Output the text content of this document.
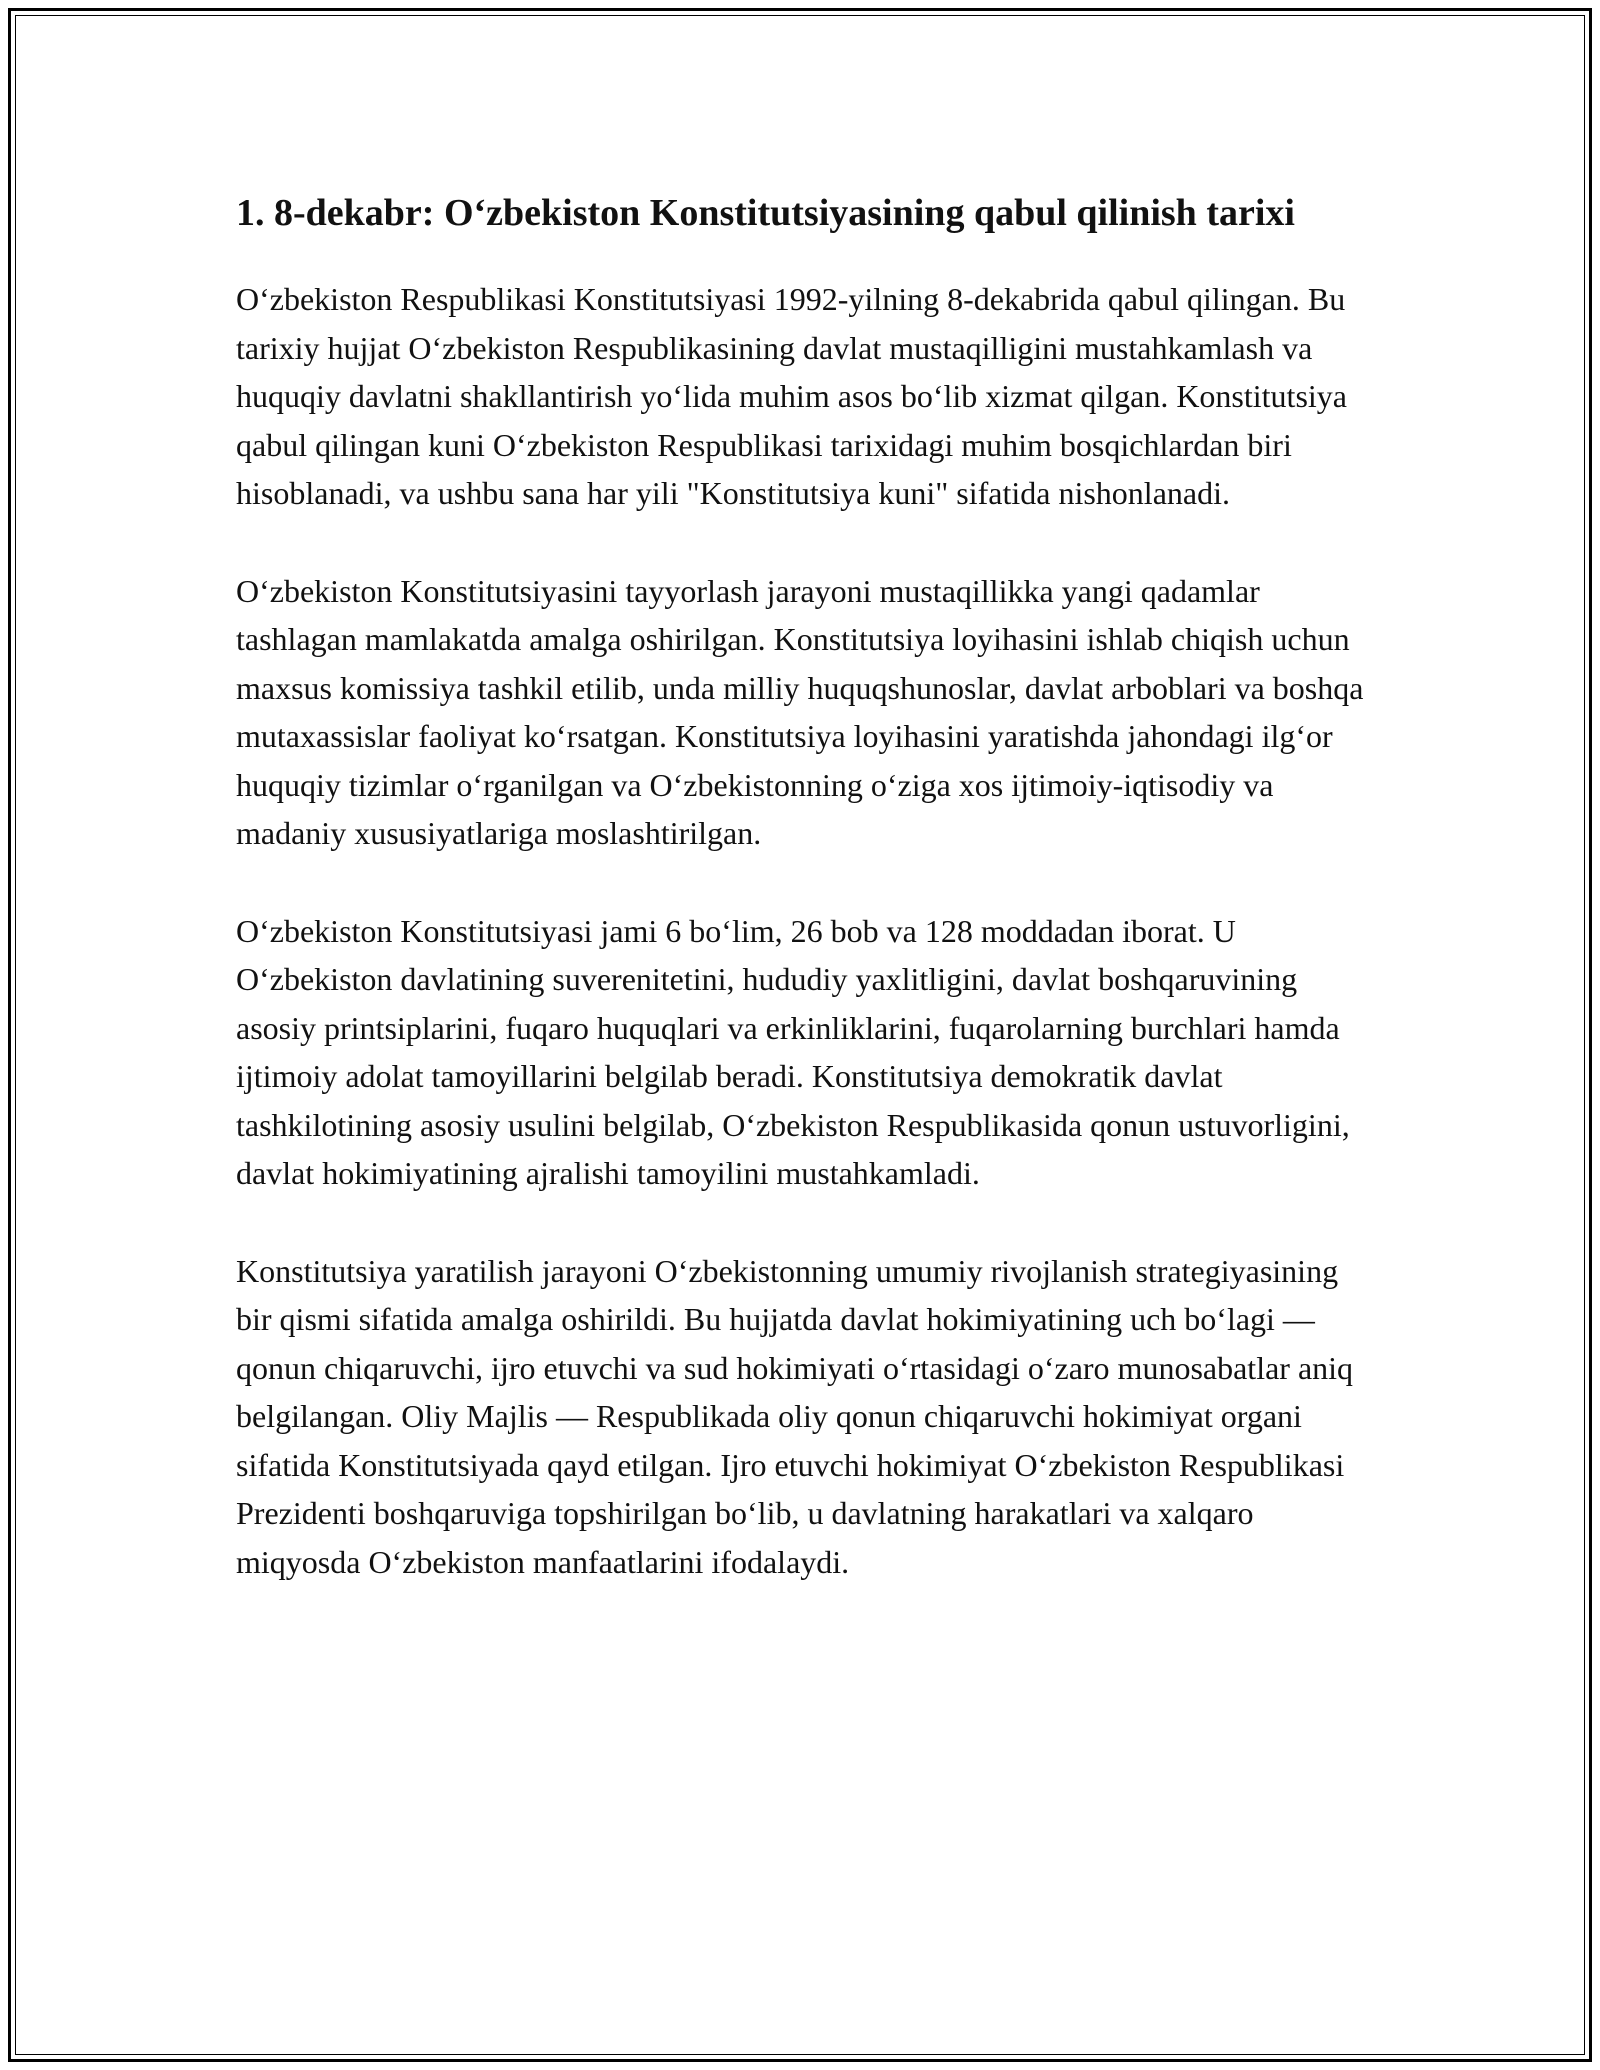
1. 8-dekabr: O‘zbekiston Konstitutsiyasining qabul qilinish tarixi

O‘zbekiston Respublikasi Konstitutsiyasi 1992-yilning 8-dekabrida qabul qilingan. Bu tarixiy hujjat O‘zbekiston Respublikasining davlat mustaqilligini mustahkamlash va huquqiy davlatni shakllantirish yo‘lida muhim asos bo‘lib xizmat qilgan. Konstitutsiya qabul qilingan kuni O‘zbekiston Respublikasi tarixidagi muhim bosqichlardan biri hisoblanadi, va ushbu sana har yili "Konstitutsiya kuni" sifatida nishonlanadi.

O‘zbekiston Konstitutsiyasini tayyorlash jarayoni mustaqillikka yangi qadamlar tashlagan mamlakatda amalga oshirilgan. Konstitutsiya loyihasini ishlab chiqish uchun maxsus komissiya tashkil etilib, unda milliy huquqshunoslar, davlat arboblari va boshqa mutaxassislar faoliyat ko‘rsatgan. Konstitutsiya loyihasini yaratishda jahondagi ilg‘or huquqiy tizimlar o‘rganilgan va O‘zbekistonning o‘ziga xos ijtimoiy-iqtisodiy va madaniy xususiyatlariga moslashtirilgan.

O‘zbekiston Konstitutsiyasi jami 6 bo‘lim, 26 bob va 128 moddadan iborat. U O‘zbekiston davlatining suverenitetini, hududiy yaxlitligini, davlat boshqaruvining asosiy printsiplarini, fuqaro huquqlari va erkinliklarini, fuqarolarning burchlari hamda ijtimoiy adolat tamoyillarini belgilab beradi. Konstitutsiya demokratik davlat tashkilotining asosiy usulini belgilab, O‘zbekiston Respublikasida qonun ustuvorligini, davlat hokimiyatining ajralishi tamoyilini mustahkamladi.

Konstitutsiya yaratilish jarayoni O‘zbekistonning umumiy rivojlanish strategiyasining bir qismi sifatida amalga oshirildi. Bu hujjatda davlat hokimiyatining uch bo‘lagi — qonun chiqaruvchi, ijro etuvchi va sud hokimiyati o‘rtasidagi o‘zaro munosabatlar aniq belgilangan. Oliy Majlis — Respublikada oliy qonun chiqaruvchi hokimiyat organi sifatida Konstitutsiyada qayd etilgan. Ijro etuvchi hokimiyat O‘zbekiston Respublikasi Prezidenti boshqaruviga topshirilgan bo‘lib, u davlatning harakatlari va xalqaro miqyosda O‘zbekiston manfaatlarini ifodalaydi.
